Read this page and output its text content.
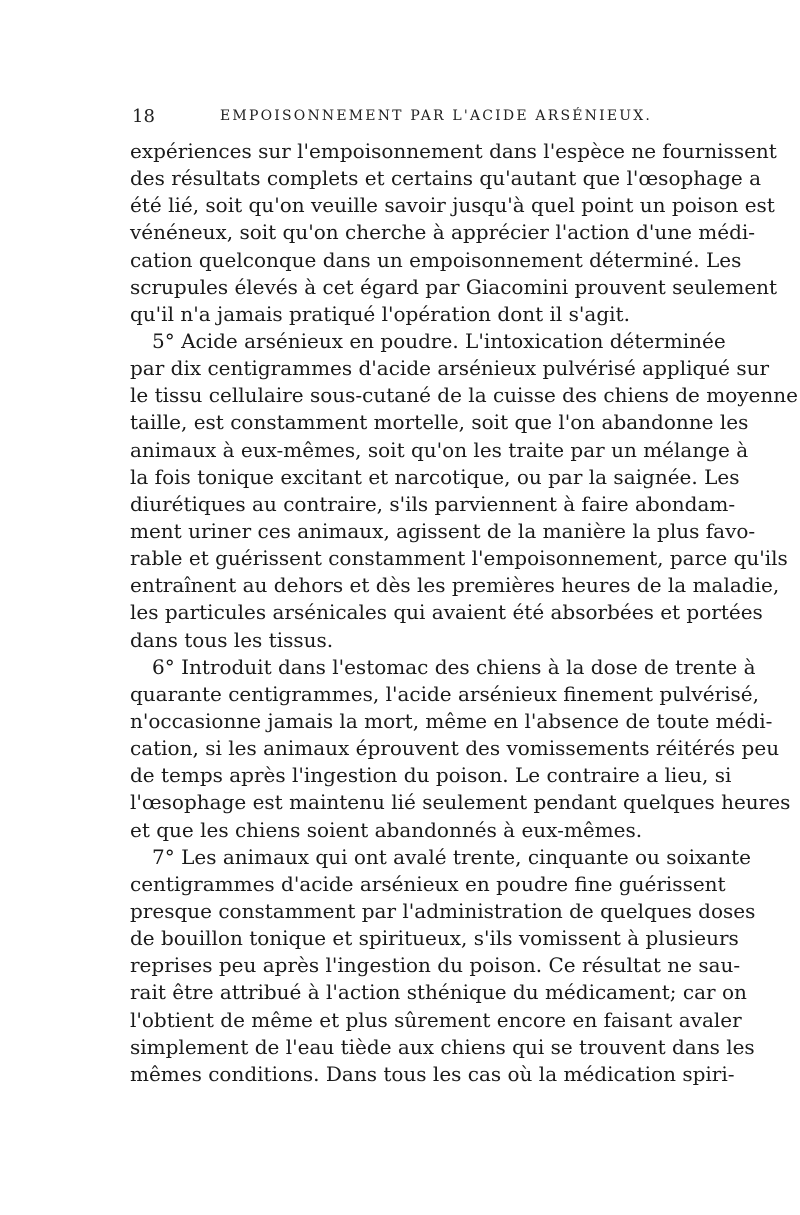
18	EMPOISONNEMENT PAR L'ACIDE ARSÉNIEUX.
expériences sur l'empoisonnement dans l'espèce ne fournissent
des résultats complets et certains qu'autant que l'œsophage a
été lié, soit qu'on veuille savoir jusqu'à quel point un poison est
vénéneux, soit qu'on cherche à apprécier l'action d'une médi-
cation quelconque dans un empoisonnement déterminé. Les
scrupules élevés à cet égard par Giacomini prouvent seulement
qu'il n'a jamais pratiqué l'opération dont il s'agit.
5° Acide arsénieux en poudre. L'intoxication déterminée
par dix centigrammes d'acide arsénieux pulvérisé appliqué sur
le tissu cellulaire sous-cutané de la cuisse des chiens de moyenne
taille, est constamment mortelle, soit que l'on abandonne les
animaux à eux-mêmes, soit qu'on les traite par un mélange à
la fois tonique excitant et narcotique, ou par la saignée. Les
diurétiques au contraire, s'ils parviennent à faire abondam-
ment uriner ces animaux, agissent de la manière la plus favo-
rable et guérissent constamment l'empoisonnement, parce qu'ils
entraînent au dehors et dès les premières heures de la maladie,
les particules arsénicales qui avaient été absorbées et portées
dans tous les tissus.
6° Introduit dans l'estomac des chiens à la dose de trente à
quarante centigrammes, l'acide arsénieux finement pulvérisé,
n'occasionne jamais la mort, même en l'absence de toute médi-
cation, si les animaux éprouvent des vomissements réitérés peu
de temps après l'ingestion du poison. Le contraire a lieu, si
l'œsophage est maintenu lié seulement pendant quelques heures
et que les chiens soient abandonnés à eux-mêmes.
7° Les animaux qui ont avalé trente, cinquante ou soixante
centigrammes d'acide arsénieux en poudre fine guérissent
presque constamment par l'administration de quelques doses
de bouillon tonique et spiritueux, s'ils vomissent à plusieurs
reprises peu après l'ingestion du poison. Ce résultat ne sau-
rait être attribué à l'action sthénique du médicament; car on
l'obtient de même et plus sûrement encore en faisant avaler
simplement de l'eau tiède aux chiens qui se trouvent dans les
mêmes conditions. Dans tous les cas où la médication spiri-
